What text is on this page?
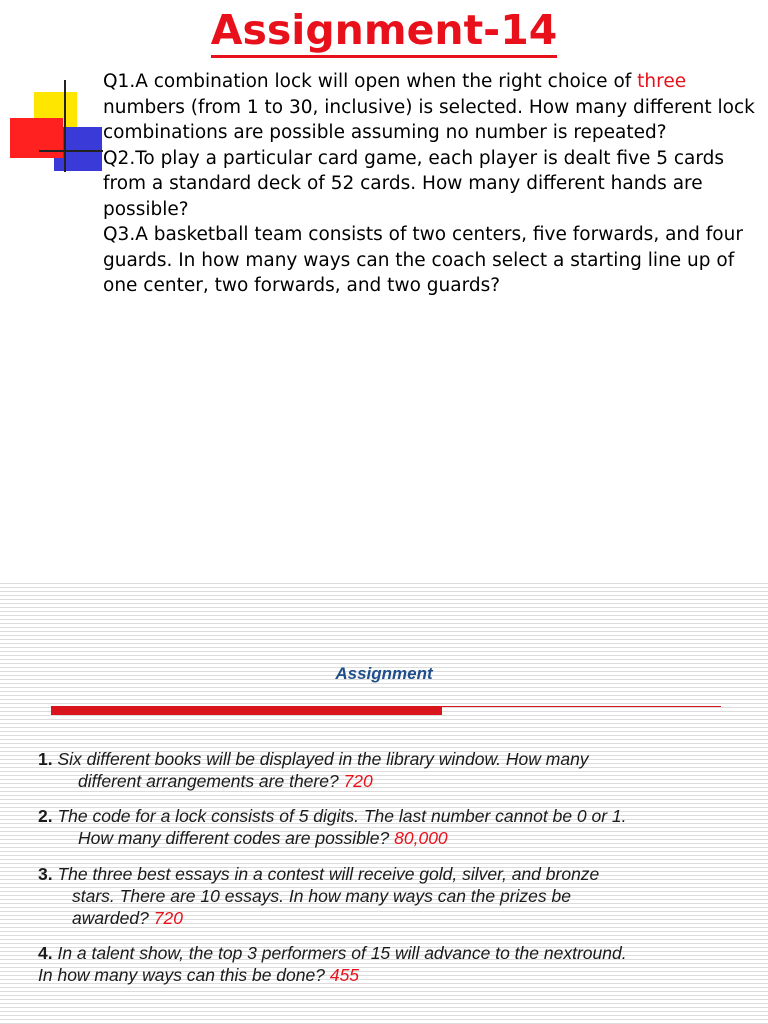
Assignment-14

Q1.A combination lock will open when the right choice of three numbers (from 1 to 30, inclusive) is selected. How many different lock combinations are possible assuming no number is repeated?

Q2.To play a particular card game, each player is dealt five 5 cards from a standard deck of 52 cards. How many different hands are possible?

Q3.A basketball team consists of two centers, five forwards, and four guards. In how many ways can the coach select a starting line up of one center, two forwards, and two guards?

Assignment
1. Six different books will be displayed in the library window. How many
different arrangements are there? 720
2. The code for a lock consists of 5 digits. The last number cannot be 0 or 1.
How many different codes are possible? 80,000
3. The three best essays in a contest will receive gold, silver, and bronze
stars. There are 10 essays. In how many ways can the prizes be
awarded? 720
4. In a talent show, the top 3 performers of 15 will advance to the nextround.
In how many ways can this be done? 455
